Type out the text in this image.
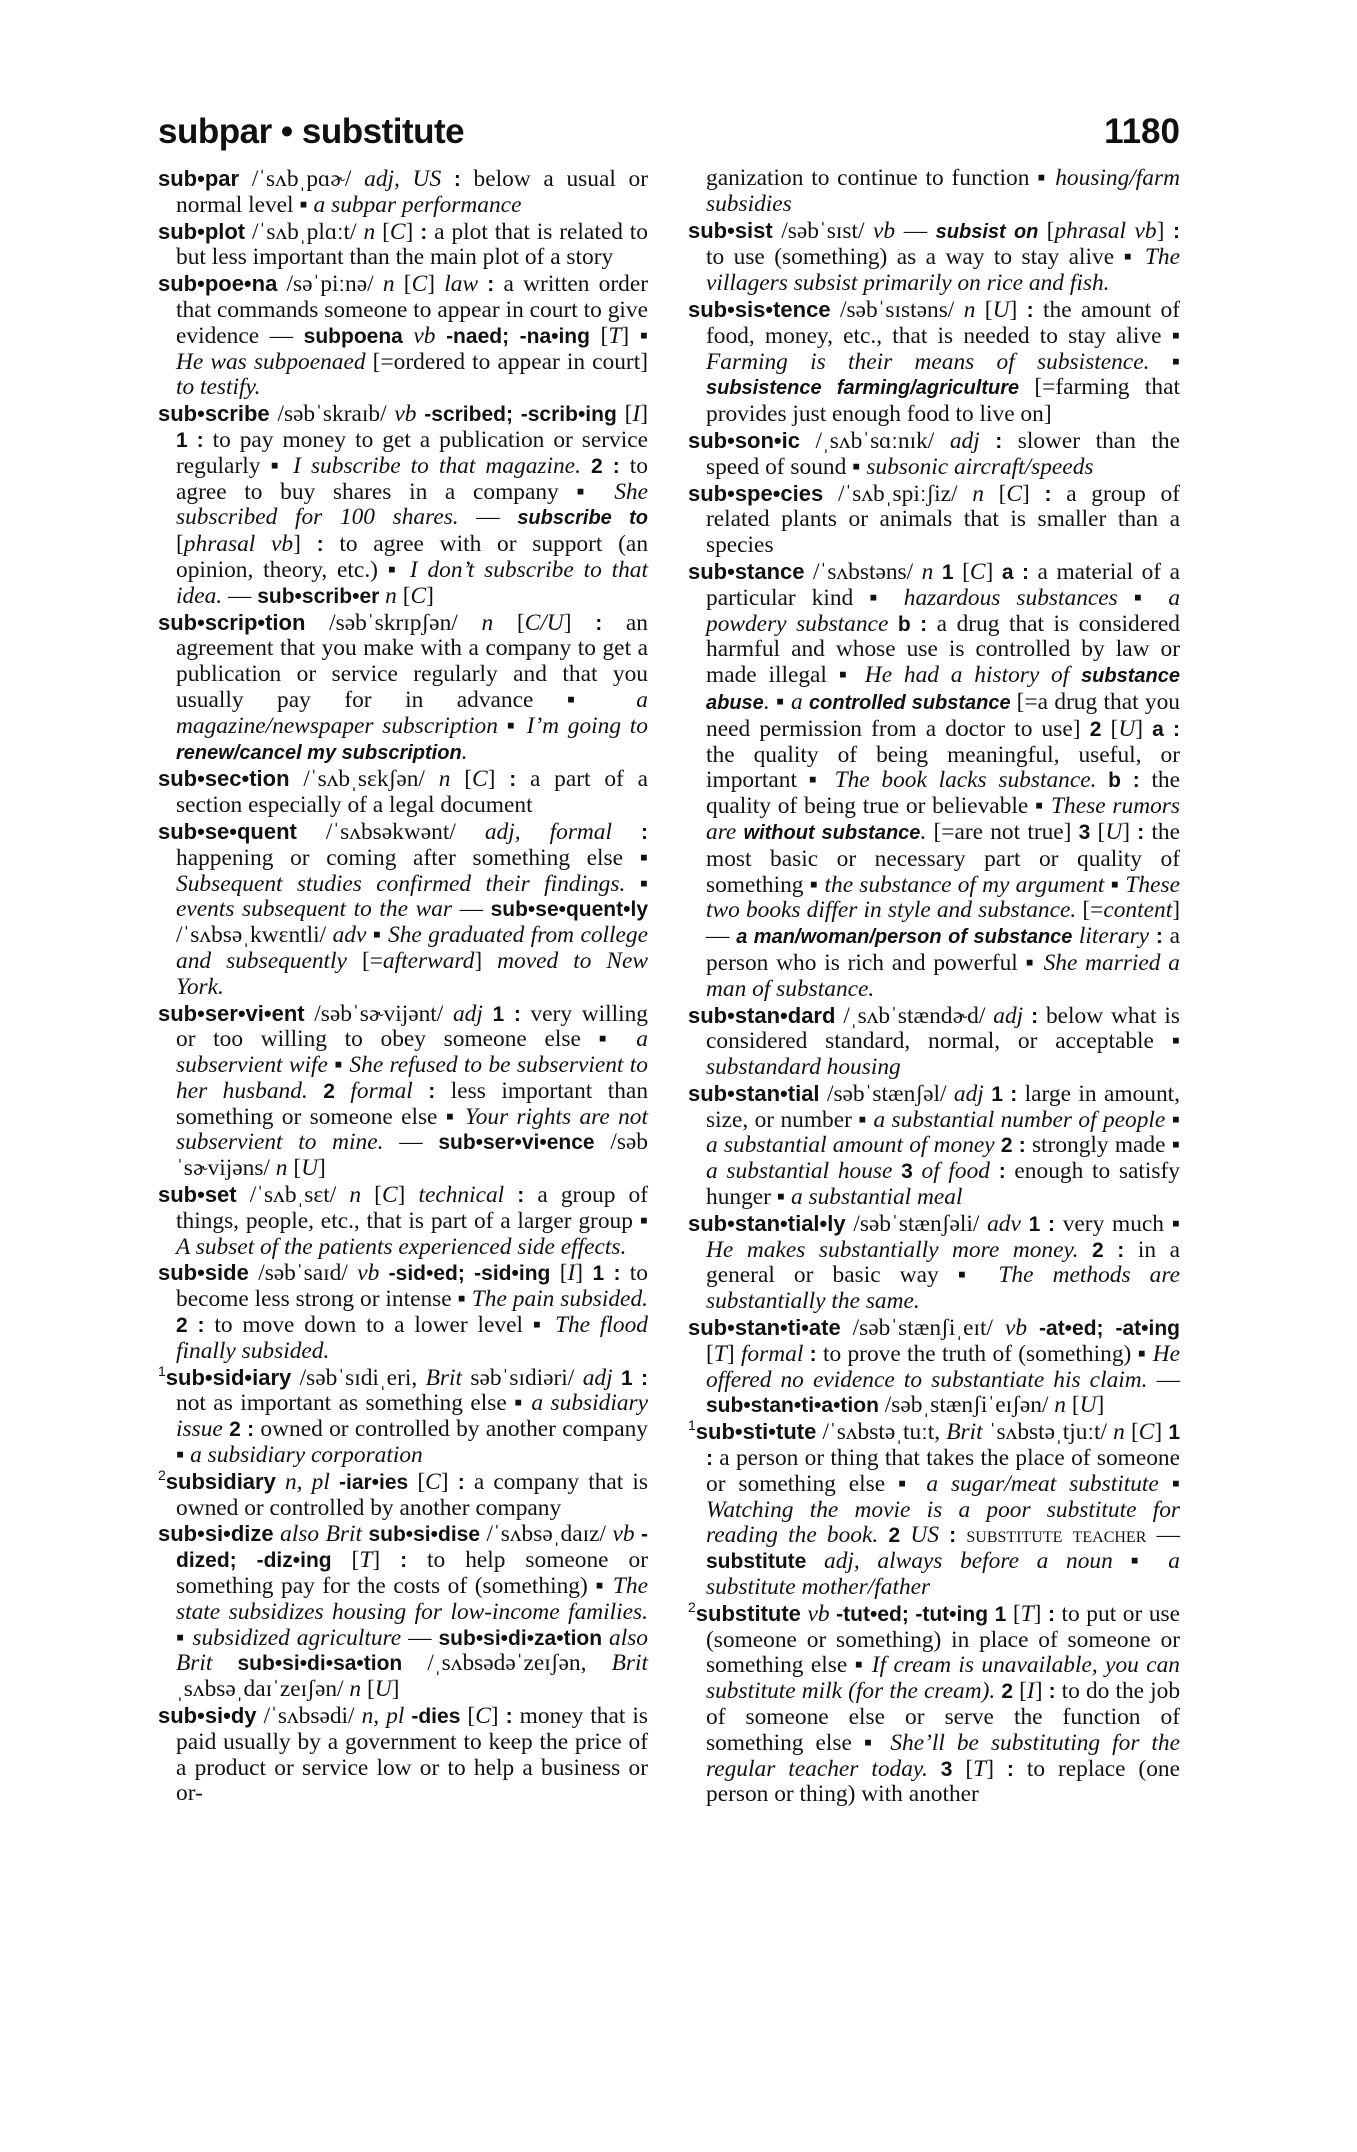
subpar • substitute	1180

sub•par /ˈsʌbˌpɑɚ/ adj, US : below a usual or normal level ▪ a subpar performance

sub•plot /ˈsʌbˌplɑːt/ n [C] : a plot that is related to but less important than the main plot of a story

sub•poe•na /səˈpiːnə/ n [C] law : a written order that commands someone to appear in court to give evidence — subpoena vb -naed; -na•ing [T] ▪ He was subpoenaed [=ordered to appear in court] to testify.

sub•scribe /səbˈskraɪb/ vb -scribed; -scrib•ing [I] 1 : to pay money to get a publication or service regularly ▪ I subscribe to that magazine. 2 : to agree to buy shares in a company ▪ She subscribed for 100 shares. — subscribe to [phrasal vb] : to agree with or support (an opinion, theory, etc.) ▪ I don’t subscribe to that idea. — sub•scrib•er n [C]

sub•scrip•tion /səbˈskrɪpʃən/ n [C/U] : an agreement that you make with a company to get a publication or service regularly and that you usually pay for in advance ▪ a magazine/newspaper subscription ▪ I’m going to renew/cancel my subscription.

sub•sec•tion /ˈsʌbˌsɛkʃən/ n [C] : a part of a section especially of a legal document

sub•se•quent /ˈsʌbsəkwənt/ adj, formal : happening or coming after something else ▪ Subsequent studies confirmed their findings. ▪ events subsequent to the war — sub•se•quent•ly /ˈsʌbsəˌkwɛntli/ adv ▪ She graduated from college and subsequently [=afterward] moved to New York.

sub•ser•vi•ent /səbˈsɚvijənt/ adj 1 : very willing or too willing to obey someone else ▪ a subservient wife ▪ She refused to be subservient to her husband. 2 formal : less important than something or someone else ▪ Your rights are not subservient to mine. — sub•ser•vi•ence /səbˈsɚvijəns/ n [U]

sub•set /ˈsʌbˌsɛt/ n [C] technical : a group of things, people, etc., that is part of a larger group ▪ A subset of the patients experienced side effects.

sub•side /səbˈsaɪd/ vb -sid•ed; -sid•ing [I] 1 : to become less strong or intense ▪ The pain subsided. 2 : to move down to a lower level ▪ The flood finally subsided.

$^1$sub•sid•iary /səbˈsɪdiˌeri, Brit səbˈsɪdiəri/ adj 1 : not as important as something else ▪ a subsidiary issue 2 : owned or controlled by another company ▪ a subsidiary corporation

$^2$subsidiary n, pl -iar•ies [C] : a company that is owned or controlled by another company

sub•si•dize also Brit sub•si•dise /ˈsʌbsəˌdaɪz/ vb -dized; -diz•ing [T] : to help someone or something pay for the costs of (something) ▪ The state subsidizes housing for low-income families. ▪ subsidized agriculture — sub•si•di•za•tion also Brit sub•si•di•sa•tion /ˌsʌbsədəˈzeɪʃən, Brit ˌsʌbsəˌdaɪˈzeɪʃən/ n [U]

sub•si•dy /ˈsʌbsədi/ n, pl -dies [C] : money that is paid usually by a government to keep the price of a product or service low or to help a business or or-

ganization to continue to function ▪ housing/farm subsidies

sub•sist /səbˈsɪst/ vb — subsist on [phrasal vb] : to use (something) as a way to stay alive ▪ The villagers subsist primarily on rice and fish.

sub•sis•tence /səbˈsɪstəns/ n [U] : the amount of food, money, etc., that is needed to stay alive ▪ Farming is their means of subsistence. ▪ subsistence farming/agriculture [=farming that provides just enough food to live on]

sub•son•ic /ˌsʌbˈsɑːnɪk/ adj : slower than the speed of sound ▪ subsonic aircraft/speeds

sub•spe•cies /ˈsʌbˌspiːʃiz/ n [C] : a group of related plants or animals that is smaller than a species

sub•stance /ˈsʌbstəns/ n 1 [C] a : a material of a particular kind ▪ hazardous substances ▪ a powdery substance b : a drug that is considered harmful and whose use is controlled by law or made illegal ▪ He had a history of substance abuse. ▪ a controlled substance [=a drug that you need permission from a doctor to use] 2 [U] a : the quality of being meaningful, useful, or important ▪ The book lacks substance. b : the quality of being true or believable ▪ These rumors are without substance. [=are not true] 3 [U] : the most basic or necessary part or quality of something ▪ the substance of my argument ▪ These two books differ in style and substance. [=content] — a man/woman/person of substance literary : a person who is rich and powerful ▪ She married a man of substance.

sub•stan•dard /ˌsʌbˈstændɚd/ adj : below what is considered standard, normal, or acceptable ▪ substandard housing

sub•stan•tial /səbˈstænʃəl/ adj 1 : large in amount, size, or number ▪ a substantial number of people ▪ a substantial amount of money 2 : strongly made ▪ a substantial house 3 of food : enough to satisfy hunger ▪ a substantial meal

sub•stan•tial•ly /səbˈstænʃəli/ adv 1 : very much ▪ He makes substantially more money. 2 : in a general or basic way ▪ The methods are substantially the same.

sub•stan•ti•ate /səbˈstænʃiˌeɪt/ vb -at•ed; -at•ing [T] formal : to prove the truth of (something) ▪ He offered no evidence to substantiate his claim. — sub•stan•ti•a•tion /səbˌstænʃiˈeɪʃən/ n [U]

$^1$sub•sti•tute /ˈsʌbstəˌtuːt, Brit ˈsʌbstəˌtjuːt/ n [C] 1 : a person or thing that takes the place of someone or something else ▪ a sugar/meat substitute ▪ Watching the movie is a poor substitute for reading the book. 2 US : substitute teacher — substitute adj, always before a noun ▪ a substitute mother/father

$^2$substitute vb -tut•ed; -tut•ing 1 [T] : to put or use (someone or something) in place of someone or something else ▪ If cream is unavailable, you can substitute milk (for the cream). 2 [I] : to do the job of someone else or serve the function of something else ▪ She’ll be substituting for the regular teacher today. 3 [T] : to replace (one person or thing) with another
